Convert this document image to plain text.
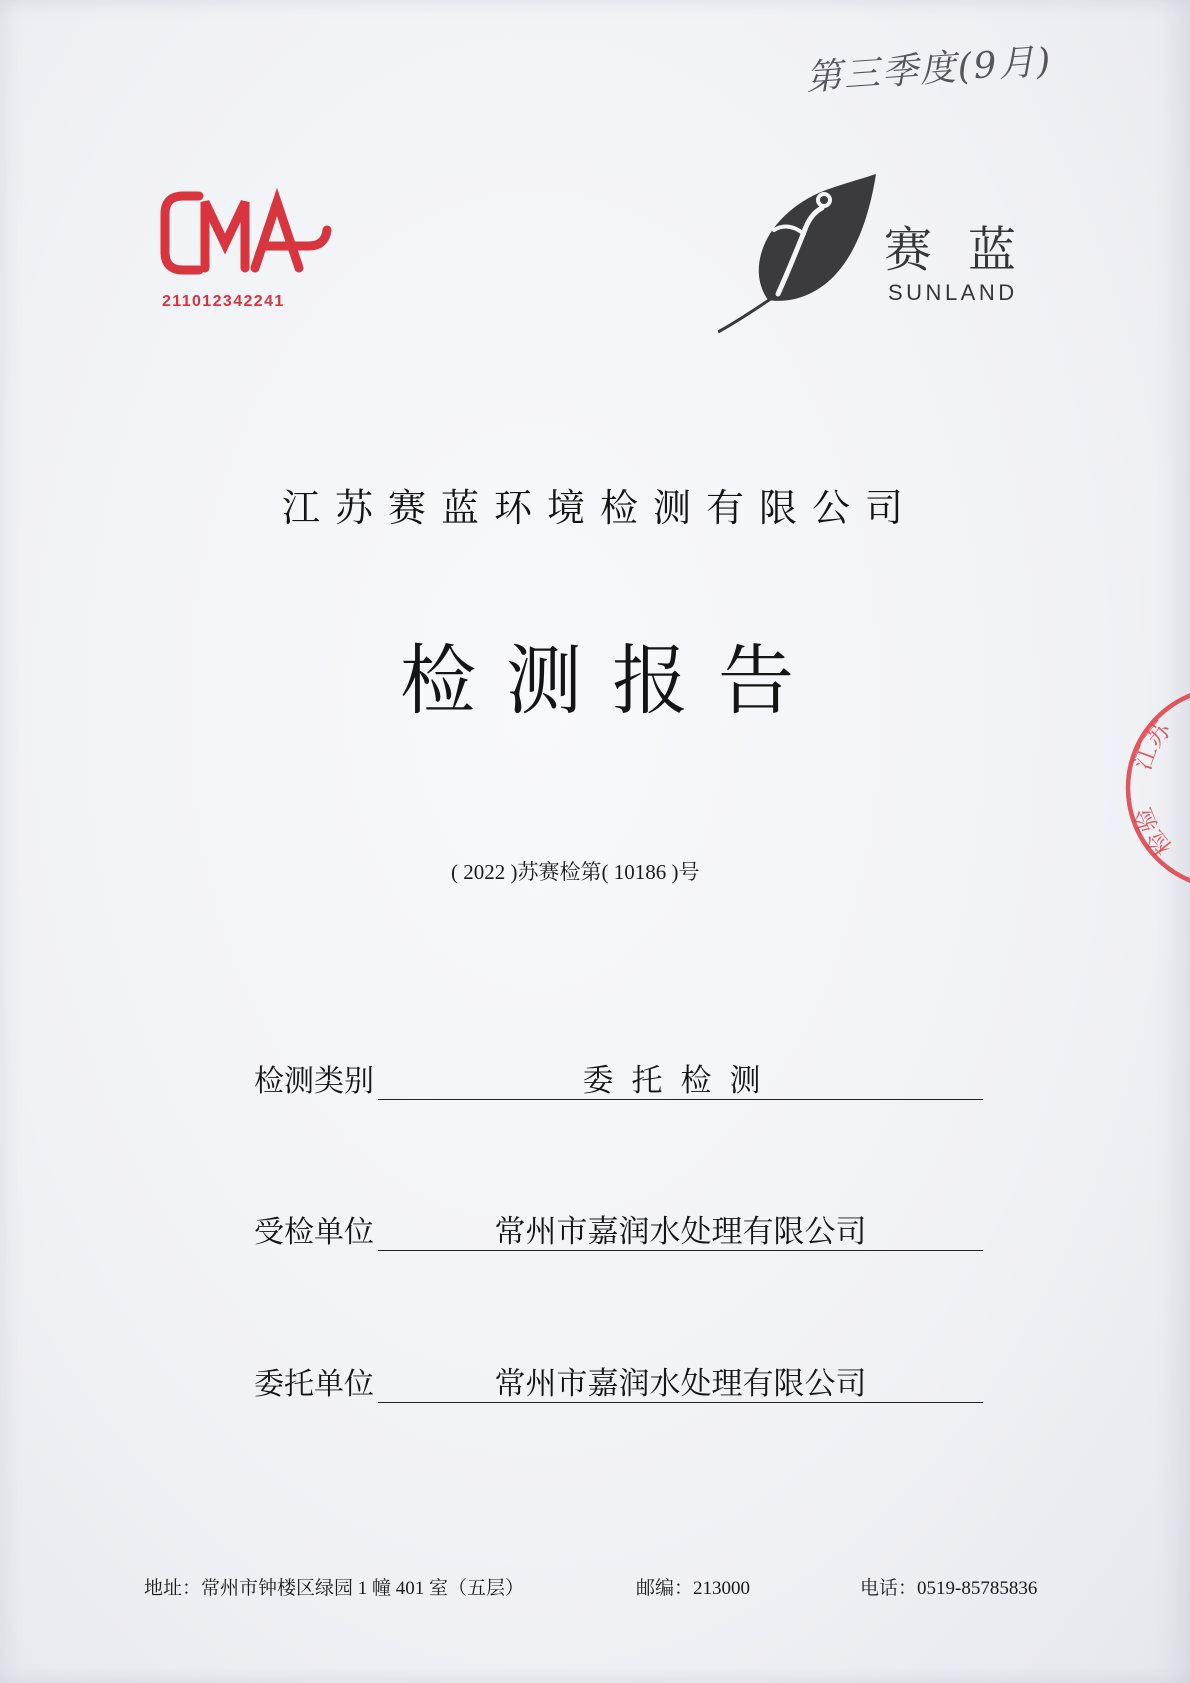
第三季度(9月)
211012342241
赛蓝
SUNLAND
江苏赛蓝环境检测有限公司
检测报告
( 2022 )苏赛检第( 10186 )号
检测类别	委托检测
受检单位	常州市嘉润水处理有限公司
委托单位	常州市嘉润水处理有限公司
地址：常州市钟楼区绿园 1 幢 401 室（五层）	邮编：213000	电话：0519-85785836
检验
江苏
